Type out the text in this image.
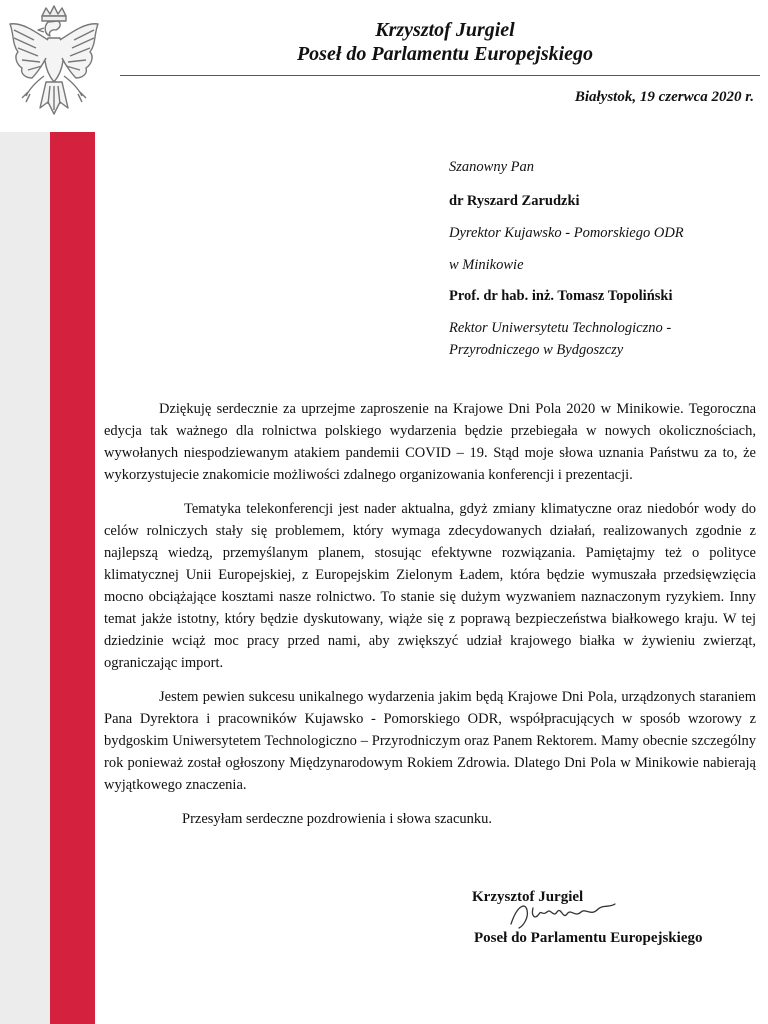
Krzysztof Jurgiel
Poseł do Parlamentu Europejskiego
Białystok, 19 czerwca 2020 r.
Szanowny Pan
dr Ryszard Zarudzki
Dyrektor Kujawsko - Pomorskiego ODR
w Minikowie
Prof. dr hab. inż. Tomasz Topoliński
Rektor Uniwersytetu Technologiczno -
Przyrodniczego w Bydgoszczy

Dziękuję serdecznie za uprzejme zaproszenie na Krajowe Dni Pola 2020 w Minikowie. Tegoroczna edycja tak ważnego dla rolnictwa polskiego wydarzenia będzie przebiegała w nowych okolicznościach, wywołanych niespodziewanym atakiem pandemii COVID – 19. Stąd moje słowa uznania Państwu za to, że wykorzystujecie znakomicie możliwości zdalnego organizowania konferencji i prezentacji.

Tematyka telekonferencji jest nader aktualna, gdyż zmiany klimatyczne oraz niedobór wody do celów rolniczych stały się problemem, który wymaga zdecydowanych działań, realizowanych zgodnie z najlepszą wiedzą, przemyślanym planem, stosując efektywne rozwiązania. Pamiętajmy też o polityce klimatycznej Unii Europejskiej, z Europejskim Zielonym Ładem, która będzie wymuszała przedsięwzięcia mocno obciążające kosztami nasze rolnictwo. To stanie się dużym wyzwaniem naznaczonym ryzykiem. Inny temat jakże istotny, który będzie dyskutowany, wiąże się z poprawą bezpieczeństwa białkowego kraju. W tej dziedzinie wciąż moc pracy przed nami, aby zwiększyć udział krajowego białka w żywieniu zwierząt, ograniczając import.

Jestem pewien sukcesu unikalnego wydarzenia jakim będą Krajowe Dni Pola, urządzonych staraniem Pana Dyrektora i pracowników Kujawsko - Pomorskiego ODR, współpracujących w sposób wzorowy z bydgoskim Uniwersytetem Technologiczno – Przyrodniczym oraz Panem Rektorem. Mamy obecnie szczególny rok ponieważ został ogłoszony Międzynarodowym Rokiem Zdrowia. Dlatego Dni Pola w Minikowie nabierają wyjątkowego znaczenia.

Przesyłam serdeczne pozdrowienia i słowa szacunku.

Krzysztof Jurgiel
Poseł do Parlamentu Europejskiego
